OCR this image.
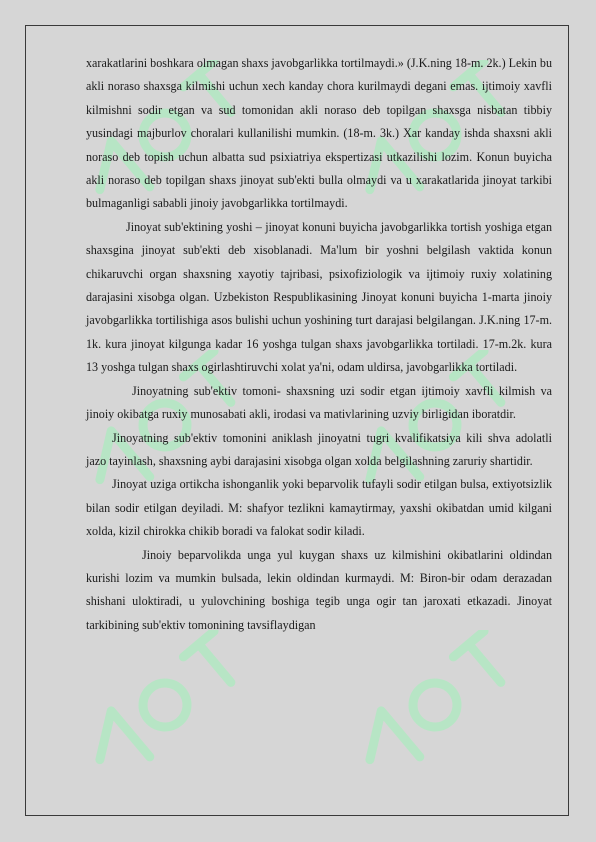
xarakatlarini boshkara olmagan shaxs javobgarlikka tortilmaydi.» (J.K.ning 18-m. 2k.) Lekin bu akli noraso shaxsga kilmishi uchun xech kanday chora kurilmaydi degani emas. ijtimoiy xavfli kilmishni sodir etgan va sud tomonidan akli noraso deb topilgan shaxsga nisbatan tibbiy yusindagi majburlov choralari kullanilishi mumkin. (18-m. 3k.) Xar kanday ishda shaxsni akli noraso deb topish uchun albatta sud psixiatriya ekspertizasi utkazilishi lozim. Konun buyicha akli noraso deb topilgan shaxs jinoyat sub'ekti bulla olmaydi va u xarakatlarida jinoyat tarkibi bulmaganligi sababli jinoiy javobgarlikka tortilmaydi.

Jinoyat sub'ektining yoshi – jinoyat konuni buyicha javobgarlikka tortish yoshiga etgan shaxsgina jinoyat sub'ekti deb xisoblanadi. Ma'lum bir yoshni belgilash vaktida konun chikaruvchi organ shaxsning xayotiy tajribasi, psixofiziologik va ijtimoiy ruxiy xolatining darajasini xisobga olgan. Uzbekiston Respublikasining Jinoyat konuni buyicha 1-marta jinoiy javobgarlikka tortilishiga asos bulishi uchun yoshining turt darajasi belgilangan. J.K.ning 17-m. 1k. kura jinoyat kilgunga kadar 16 yoshga tulgan shaxs javobgarlikka tortiladi. 17-m.2k. kura 13 yoshga tulgan shaxs ogirlashtiruvchi xolat ya'ni, odam uldirsa, javobgarlikka tortiladi.

Jinoyatning sub'ektiv tomoni- shaxsning uzi sodir etgan ijtimoiy xavfli kilmish va jinoiy okibatga ruxiy munosabati akli, irodasi va mativlarining uzviy birligidan iboratdir.

Jinoyatning sub'ektiv tomonini aniklash jinoyatni tugri kvalifikatsiya kili shva adolatli jazo tayinlash, shaxsning aybi darajasini xisobga olgan xolda belgilashning zaruriy shartidir.

Jinoyat uziga ortikcha ishonganlik yoki beparvolik tufayli sodir etilgan bulsa, extiyotsizlik bilan sodir etilgan deyiladi. M: shafyor tezlikni kamaytirmay, yaxshi okibatdan umid kilgani xolda, kizil chirokka chikib boradi va falokat sodir kiladi.

Jinoiy beparvolikda unga yul kuygan shaxs uz kilmishini okibatlarini oldindan kurishi lozim va mumkin bulsada, lekin oldindan kurmaydi. M: Biron-bir odam derazadan shishani uloktiradi, u yulovchining boshiga tegib unga ogir tan jaroxati etkazadi. Jinoyat tarkibining sub'ektiv tomonining tavsiflaydigan
